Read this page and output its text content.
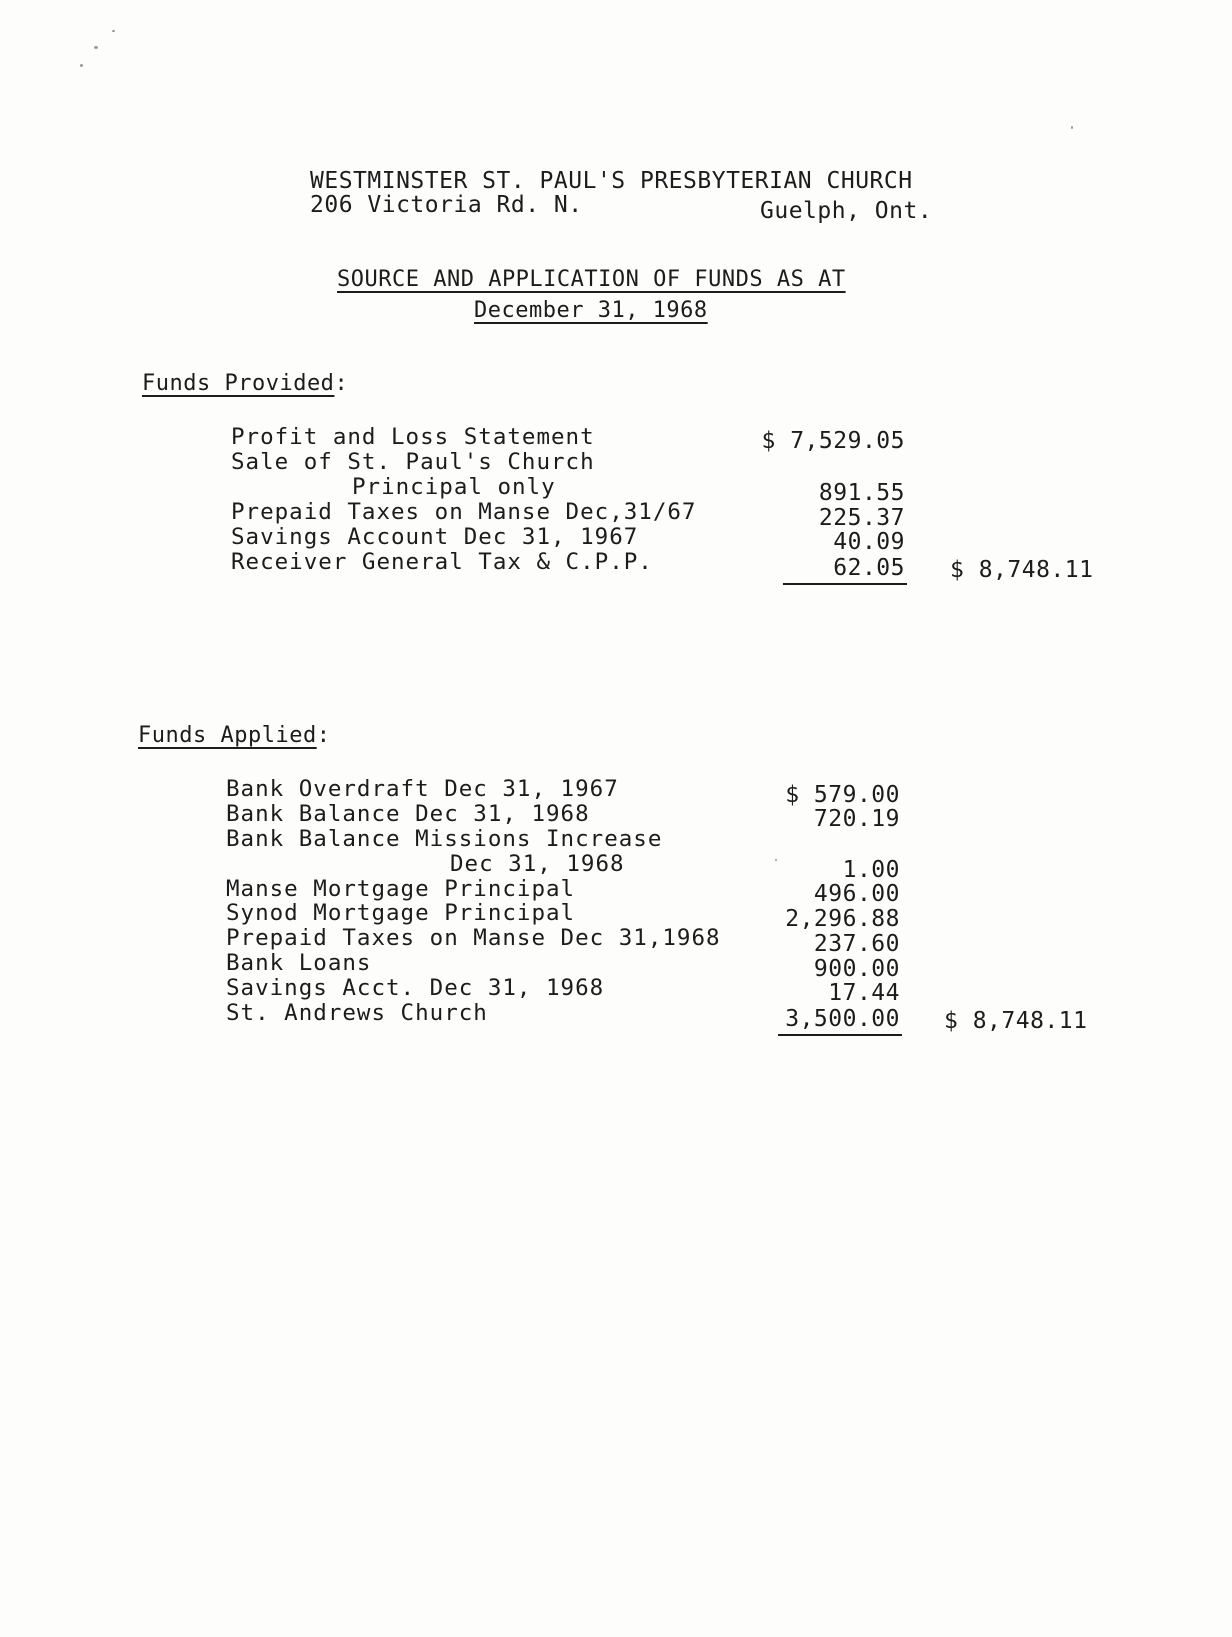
WESTMINSTER ST. PAUL'S PRESBYTERIAN CHURCH
206 Victoria Rd. N.	Guelph, Ont.
SOURCE AND APPLICATION OF FUNDS AS AT
December 31, 1968
Funds Provided:
Profit and Loss Statement	$ 7,529.05
Sale of St. Paul's Church
Principal only	891.55
Prepaid Taxes on Manse Dec,31/67	225.37
Savings Account Dec 31, 1967	40.09
Receiver General Tax & C.P.P.	62.05 $ 8,748.11
Funds Applied:
Bank Overdraft Dec 31, 1967	$ 579.00
Bank Balance Dec 31, 1968	720.19
Bank Balance Missions Increase
Dec 31, 1968	1.00
Manse Mortgage Principal	496.00
Synod Mortgage Principal	2,296.88
Prepaid Taxes on Manse Dec 31,1968	237.60
Bank Loans	900.00
Savings Acct. Dec 31, 1968	17.44
St. Andrews Church	3,500.00 $ 8,748.11
